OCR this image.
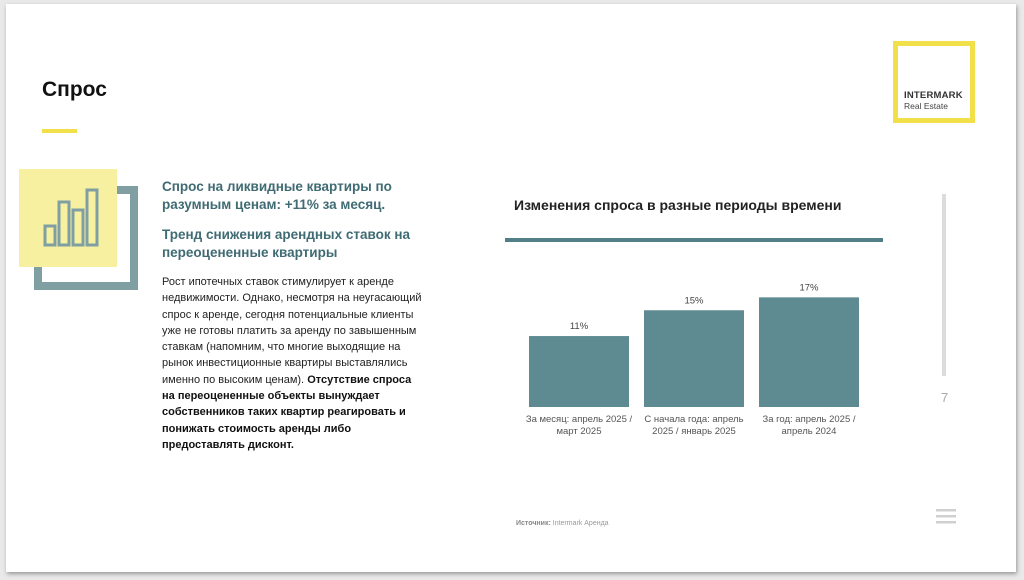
Спрос	INTERMARK
Real Estate
Спрос на ликвидные квартиры по разумным ценам: +11% за месяц.
Тренд снижения арендных ставок на переоцененные квартиры
Рост ипотечных ставок стимулирует к аренде недвижимости. Однако, несмотря на неугасающий спрос к аренде, сегодня потенциальные клиенты уже не готовы платить за аренду по завышенным ставкам (напомним, что многие выходящие на рынок инвестиционные квартиры выставлялись именно по высоким ценам). Отсутствие спроса на переоцененные объекты вынуждает собственников таких квартир реагировать и понижать стоимость аренды либо предоставлять дисконт.
Изменения спроса в разные периоды времени
11%
За месяц: апрель 2025 /
март 2025
15%
С начала года: апрель
2025 / январь 2025
17%
За год: апрель 2025 /
апрель 2024
7
Источник: Intermark Аренда
